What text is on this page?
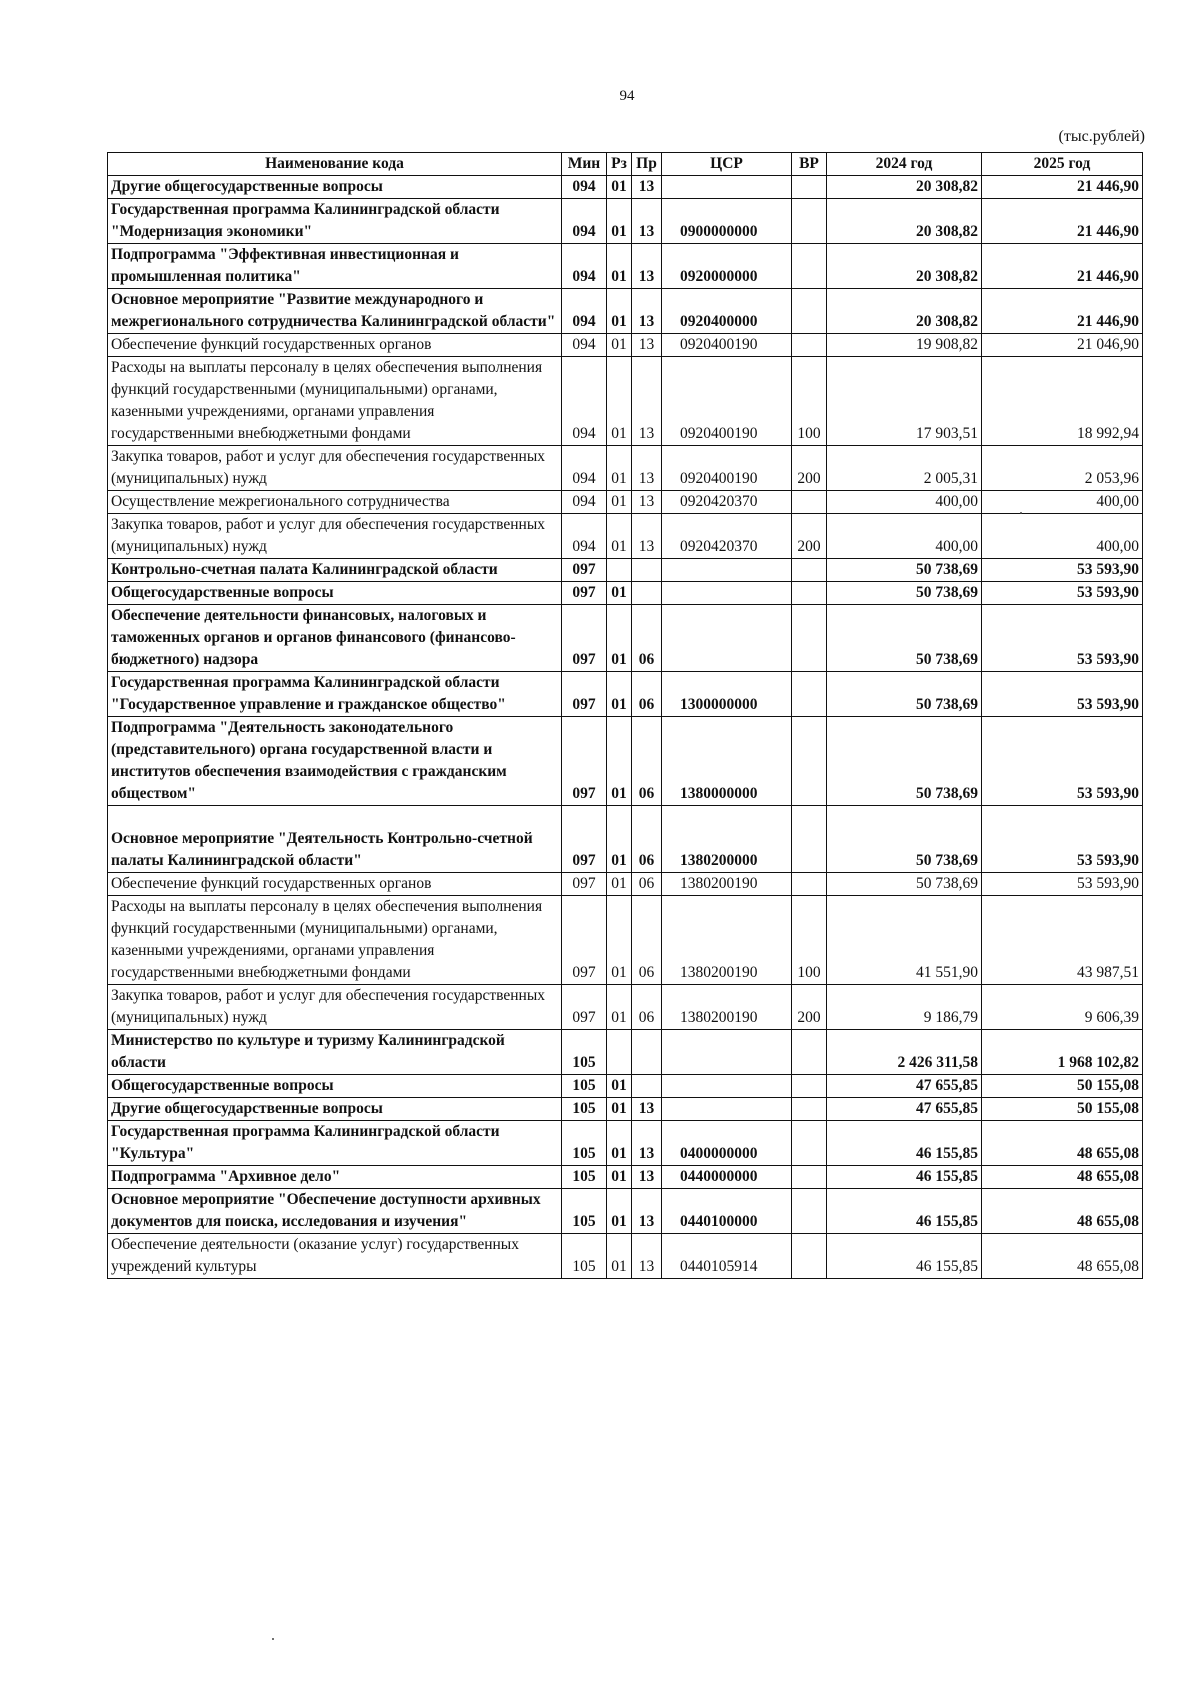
94
(тыс.рублей)
Наименование кода	Мин	Рз	Пр	ЦСР	ВР	2024 год	2025 год
Другие общегосударственные вопросы	094	01	13			20 308,82	21 446,90
Государственная программа Калининградской области "Модернизация экономики"	094	01	13	0900000000		20 308,82	21 446,90
Подпрограмма "Эффективная инвестиционная и промышленная политика"	094	01	13	0920000000		20 308,82	21 446,90
Основное мероприятие "Развитие международного и межрегионального сотрудничества Калининградской области"	094	01	13	0920400000		20 308,82	21 446,90
Обеспечение функций государственных органов	094	01	13	0920400190		19 908,82	21 046,90
Расходы на выплаты персоналу в целях обеспечения выполнения функций государственными (муниципальными) органами, казенными учреждениями, органами управления государственными внебюджетными фондами	094	01	13	0920400190	100	17 903,51	18 992,94
Закупка товаров, работ и услуг для обеспечения государственных (муниципальных) нужд	094	01	13	0920400190	200	2 005,31	2 053,96
Осуществление межрегионального сотрудничества	094	01	13	0920420370		400,00	400,00
Закупка товаров, работ и услуг для обеспечения государственных (муниципальных) нужд	094	01	13	0920420370	200	400,00	400,00
Контрольно-счетная палата Калининградской области	097					50 738,69	53 593,90
Общегосударственные вопросы	097	01				50 738,69	53 593,90
Обеспечение деятельности финансовых, налоговых и таможенных органов и органов финансового (финансово-бюджетного) надзора	097	01	06			50 738,69	53 593,90
Государственная программа Калининградской области "Государственное управление и гражданское общество"	097	01	06	1300000000		50 738,69	53 593,90
Подпрограмма "Деятельность законодательного (представительного) органа государственной власти и институтов обеспечения взаимодействия с гражданским обществом"	097	01	06	1380000000		50 738,69	53 593,90
Основное мероприятие "Деятельность Контрольно-счетной палаты Калининградской области"	097	01	06	1380200000		50 738,69	53 593,90
Обеспечение функций государственных органов	097	01	06	1380200190		50 738,69	53 593,90
Расходы на выплаты персоналу в целях обеспечения выполнения функций государственными (муниципальными) органами, казенными учреждениями, органами управления государственными внебюджетными фондами	097	01	06	1380200190	100	41 551,90	43 987,51
Закупка товаров, работ и услуг для обеспечения государственных (муниципальных) нужд	097	01	06	1380200190	200	9 186,79	9 606,39
Министерство по культуре и туризму Калининградской области	105					2 426 311,58	1 968 102,82
Общегосударственные вопросы	105	01				47 655,85	50 155,08
Другие общегосударственные вопросы	105	01	13			47 655,85	50 155,08
Государственная программа Калининградской области "Культура"	105	01	13	0400000000		46 155,85	48 655,08
Подпрограмма "Архивное дело"	105	01	13	0440000000		46 155,85	48 655,08
Основное мероприятие "Обеспечение доступности архивных документов для поиска, исследования и изучения"	105	01	13	0440100000		46 155,85	48 655,08
Обеспечение деятельности (оказание услуг) государственных учреждений культуры	105	01	13	0440105914		46 155,85	48 655,08
